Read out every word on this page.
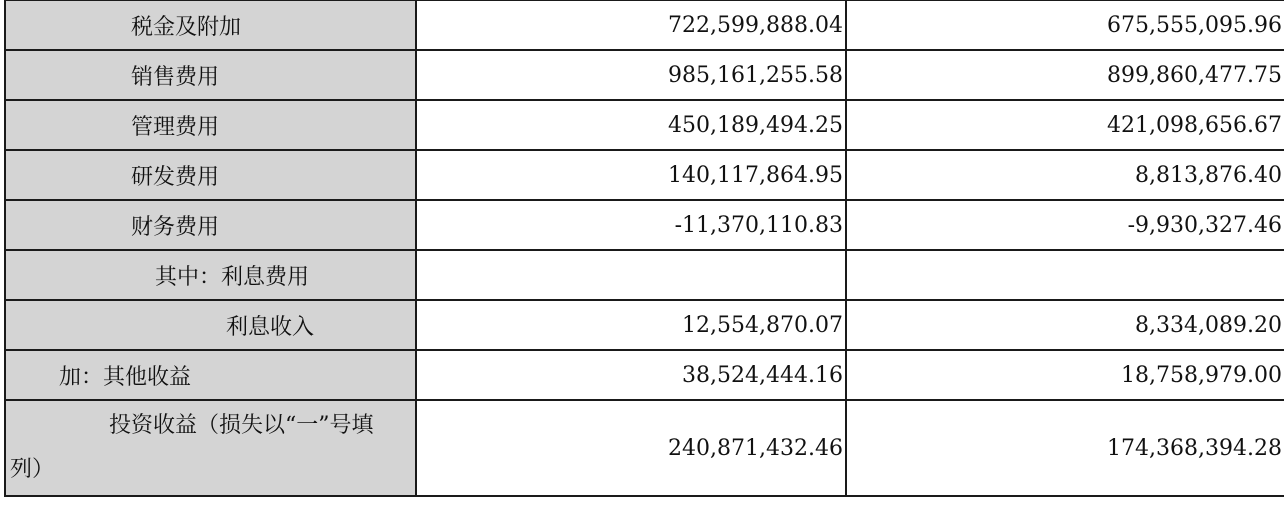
税金及附加	722,599,888.04	675,555,095.96
销售费用	985,161,255.58	899,860,477.75
管理费用	450,189,494.25	421,098,656.67
研发费用	140,117,864.95	8,813,876.40
财务费用	-11,370,110.83	-9,930,327.46
其中：利息费用		
利息收入	12,554,870.07	8,334,089.20
加：其他收益	38,524,444.16	18,758,979.00

投资收益（损失以“一”号填
列）	240,871,432.46	174,368,394.28
